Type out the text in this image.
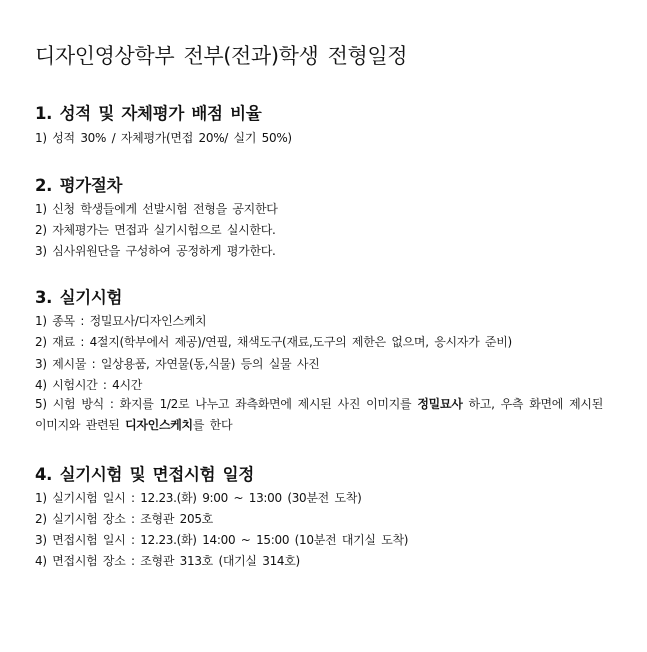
디자인영상학부 전부(전과)학생 전형일정
1. 성적 및 자체평가 배점 비율
1) 성적 30% / 자체평가(면접 20%/ 실기 50%)
2. 평가절차
1) 신청 학생들에게 선발시험 전형을 공지한다
2) 자체평가는 면접과 실기시험으로 실시한다.
3) 심사위원단을 구성하여 공정하게 평가한다.
3. 실기시험
1) 종목 : 정밀묘사/디자인스케치
2) 재료 : 4절지(학부에서 제공)/연필, 채색도구(재료,도구의 제한은 없으며, 응시자가 준비)
3) 제시물 : 일상용품, 자연물(동,식물) 등의 실물 사진
4) 시험시간 : 4시간
5) 시험 방식 : 화지를 1/2로 나누고 좌측화면에 제시된 사진 이미지를 정밀묘사 하고, 우측 화면에 제시된 이미지와 관련된 디자인스케치를 한다
4. 실기시험 및 면접시험 일정
1) 실기시험 일시 : 12.23.(화) 9:00 ~ 13:00 (30분전 도착)
2) 실기시험 장소 : 조형관 205호
3) 면접시험 일시 : 12.23.(화) 14:00 ~ 15:00 (10분전 대기실 도착)
4) 면접시험 장소 : 조형관 313호 (대기실 314호)
